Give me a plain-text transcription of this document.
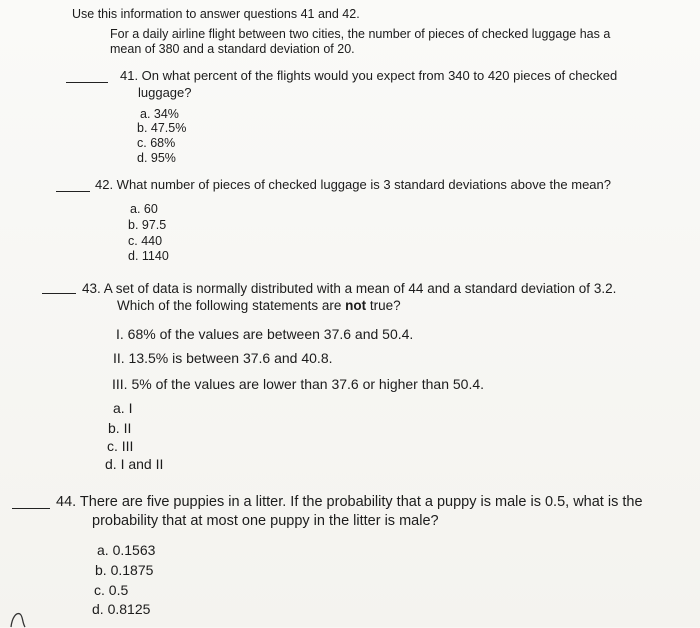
Use this information to answer questions 41 and 42.
For a daily airline flight between two cities, the number of pieces of checked luggage has a mean of 380 and a standard deviation of 20.
41. On what percent of the flights would you expect from 340 to 420 pieces of checked
luggage?
a. 34%
b. 47.5%
c. 68%
d. 95%
42. What number of pieces of checked luggage is 3 standard deviations above the mean?
a. 60
b. 97.5
c. 440
d. 1140
43. A set of data is normally distributed with a mean of 44 and a standard deviation of 3.2.
Which of the following statements are not true?
I. 68% of the values are between 37.6 and 50.4.
II. 13.5% is between 37.6 and 40.8.
III. 5% of the values are lower than 37.6 or higher than 50.4.
a. I
b. II
c. III
d. I and II
44. There are five puppies in a litter. If the probability that a puppy is male is 0.5, what is the
probability that at most one puppy in the litter is male?
a. 0.1563
b. 0.1875
c. 0.5
d. 0.8125
